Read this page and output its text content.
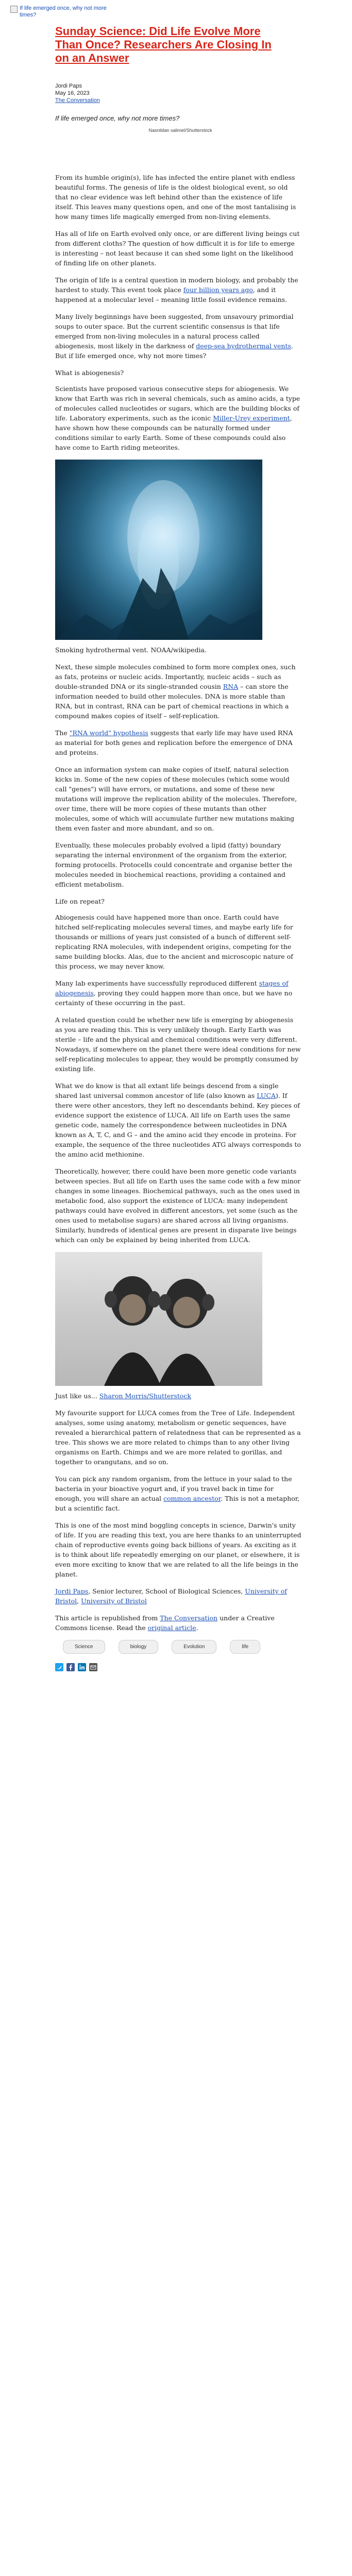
If life emerged once, why not more times?
Sunday Science: Did Life Evolve More Than Once? Researchers Are Closing In on an Answer
Jordi Paps
May 16, 2023
The Conversation
If life emerged once, why not more times?
Nasnildan salimel/Shutterstock

From its humble origin(s), life has infected the entire planet with endless beautiful forms. The genesis of life is the oldest biological event, so old that no clear evidence was left behind other than the existence of life itself. This leaves many questions open, and one of the most tantalising is how many times life magically emerged from non-living elements.

Has all of life on Earth evolved only once, or are different living beings cut from different cloths? The question of how difficult it is for life to emerge is interesting – not least because it can shed some light on the likelihood of finding life on other planets.

The origin of life is a central question in modern biology, and probably the hardest to study. This event took place four billion years ago, and it happened at a molecular level – meaning little fossil evidence remains.

Many lively beginnings have been suggested, from unsavoury primordial soups to outer space. But the current scientific consensus is that life emerged from non-living molecules in a natural process called abiogenesis, most likely in the darkness of deep-sea hydrothermal vents. But if life emerged once, why not more times?

What is abiogenesis?

Scientists have proposed various consecutive steps for abiogenesis. We know that Earth was rich in several chemicals, such as amino acids, a type of molecules called nucleotides or sugars, which are the building blocks of life. Laboratory experiments, such as the iconic Miller-Urey experiment, have shown how these compounds can be naturally formed under conditions similar to early Earth. Some of these compounds could also have come to Earth riding meteorites.

Smoking hydrothermal vent. NOAA/wikipedia.

Next, these simple molecules combined to form more complex ones, such as fats, proteins or nucleic acids. Importantly, nucleic acids – such as double-stranded DNA or its single-stranded cousin RNA – can store the information needed to build other molecules. DNA is more stable than RNA, but in contrast, RNA can be part of chemical reactions in which a compound makes copies of itself – self-replication.

The "RNA world" hypothesis suggests that early life may have used RNA as material for both genes and replication before the emergence of DNA and proteins.

Once an information system can make copies of itself, natural selection kicks in. Some of the new copies of these molecules (which some would call "genes") will have errors, or mutations, and some of these new mutations will improve the replication ability of the molecules. Therefore, over time, there will be more copies of these mutants than other molecules, some of which will accumulate further new mutations making them even faster and more abundant, and so on.

Eventually, these molecules probably evolved a lipid (fatty) boundary separating the internal environment of the organism from the exterior, forming protocells. Protocells could concentrate and organise better the molecules needed in biochemical reactions, providing a contained and efficient metabolism.

Life on repeat?

Abiogenesis could have happened more than once. Earth could have hitched self-replicating molecules several times, and maybe early life for thousands or millions of years just consisted of a bunch of different self-replicating RNA molecules, with independent origins, competing for the same building blocks. Alas, due to the ancient and microscopic nature of this process, we may never know.

Many lab experiments have successfully reproduced different stages of abiogenesis, proving they could happen more than once, but we have no certainty of these occurring in the past.

A related question could be whether new life is emerging by abiogenesis as you are reading this. This is very unlikely though. Early Earth was sterile – life and the physical and chemical conditions were very different. Nowadays, if somewhere on the planet there were ideal conditions for new self-replicating molecules to appear, they would be promptly consumed by existing life.

What we do know is that all extant life beings descend from a single shared last universal common ancestor of life (also known as LUCA). If there were other ancestors, they left no descendants behind. Key pieces of evidence support the existence of LUCA. All life on Earth uses the same genetic code, namely the correspondence between nucleotides in DNA known as A, T, C, and G – and the amino acid they encode in proteins. For example, the sequence of the three nucleotides ATG always corresponds to the amino acid methionine.

Theoretically, however, there could have been more genetic code variants between species. But all life on Earth uses the same code with a few minor changes in some lineages. Biochemical pathways, such as the ones used in metabolic food, also support the existence of LUCA: many independent pathways could have evolved in different ancestors, yet some (such as the ones used to metabolise sugars) are shared across all living organisms. Similarly, hundreds of identical genes are present in disparate live beings which can only be explained by being inherited from LUCA.

Just like us... Sharon Morris/Shutterstock

My favourite support for LUCA comes from the Tree of Life. Independent analyses, some using anatomy, metabolism or genetic sequences, have revealed a hierarchical pattern of relatedness that can be represented as a tree. This shows we are more related to chimps than to any other living organisms on Earth. Chimps and we are more related to gorillas, and together to orangutans, and so on.

You can pick any random organism, from the lettuce in your salad to the bacteria in your bioactive yogurt and, if you travel back in time for enough, you will share an actual common ancestor. This is not a metaphor, but a scientific fact.

This is one of the most mind boggling concepts in science, Darwin's unity of life. If you are reading this text, you are here thanks to an uninterrupted chain of reproductive events going back billions of years. As exciting as it is to think about life repeatedly emerging on our planet, or elsewhere, it is even more exciting to know that we are related to all the life beings in the planet.

Jordi Paps, Senior lecturer, School of Biological Sciences, University of Bristol, University of Bristol

This article is republished from The Conversation under a Creative Commons license. Read the original article.

Science	biology	Evolution	life
